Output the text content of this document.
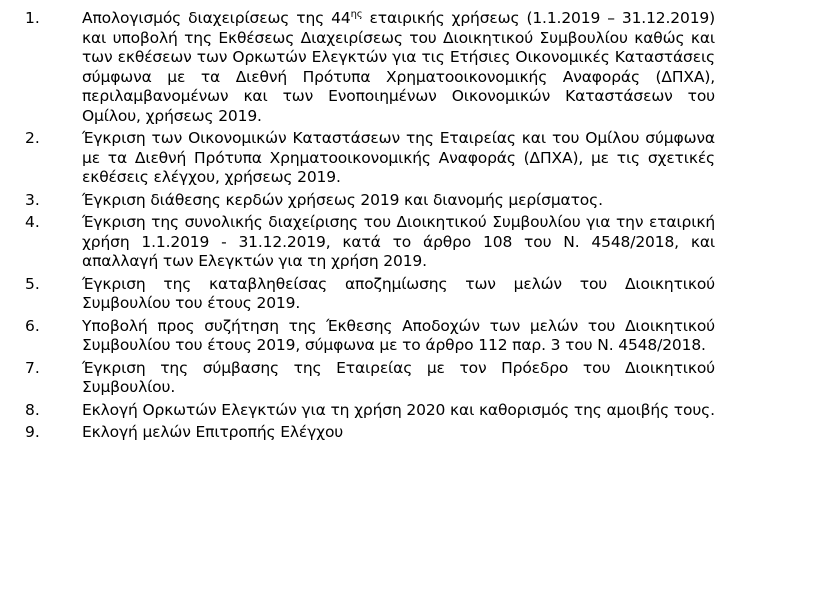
1.	Απολογισμός διαχειρίσεως της $44^{\eta\varsigma}$ εταιρικής χρήσεως (1.1.2019 – 31.12.2019) και υποβολή της Εκθέσεως Διαχειρίσεως του Διοικητικού Συμβουλίου καθώς και των εκθέσεων των Ορκωτών Ελεγκτών για τις Ετήσιες Οικονομικές Καταστάσεις σύμφωνα με τα Διεθνή Πρότυπα Χρηματοοικονομικής Αναφοράς (ΔΠΧΑ), περιλαμβανομένων και των Ενοποιημένων Οικονομικών Καταστάσεων του Ομίλου, χρήσεως 2019.
2.	Έγκριση των Οικονομικών Καταστάσεων της Εταιρείας και του Ομίλου σύμφωνα με τα Διεθνή Πρότυπα Χρηματοοικονομικής Αναφοράς (ΔΠΧΑ), με τις σχετικές εκθέσεις ελέγχου, χρήσεως 2019.
3.	Έγκριση διάθεσης κερδών χρήσεως 2019 και διανομής μερίσματος.
4.	Έγκριση της συνολικής διαχείρισης του Διοικητικού Συμβουλίου για την εταιρική χρήση 1.1.2019 - 31.12.2019, κατά το άρθρο 108 του Ν. 4548/2018, και απαλλαγή των Ελεγκτών για τη χρήση 2019.
5.	Έγκριση της καταβληθείσας αποζημίωσης των μελών του Διοικητικού Συμβουλίου του έτους 2019.
6.	Υποβολή προς συζήτηση της Έκθεσης Αποδοχών των μελών του Διοικητικού Συμβουλίου του έτους 2019, σύμφωνα με το άρθρο 112 παρ. 3 του Ν. 4548/2018.
7.	Έγκριση της σύμβασης της Εταιρείας με τον Πρόεδρο του Διοικητικού Συμβουλίου.
8.	Εκλογή Ορκωτών Ελεγκτών για τη χρήση 2020 και καθορισμός της αμοιβής τους.
9.	Εκλογή μελών Επιτροπής Ελέγχου
